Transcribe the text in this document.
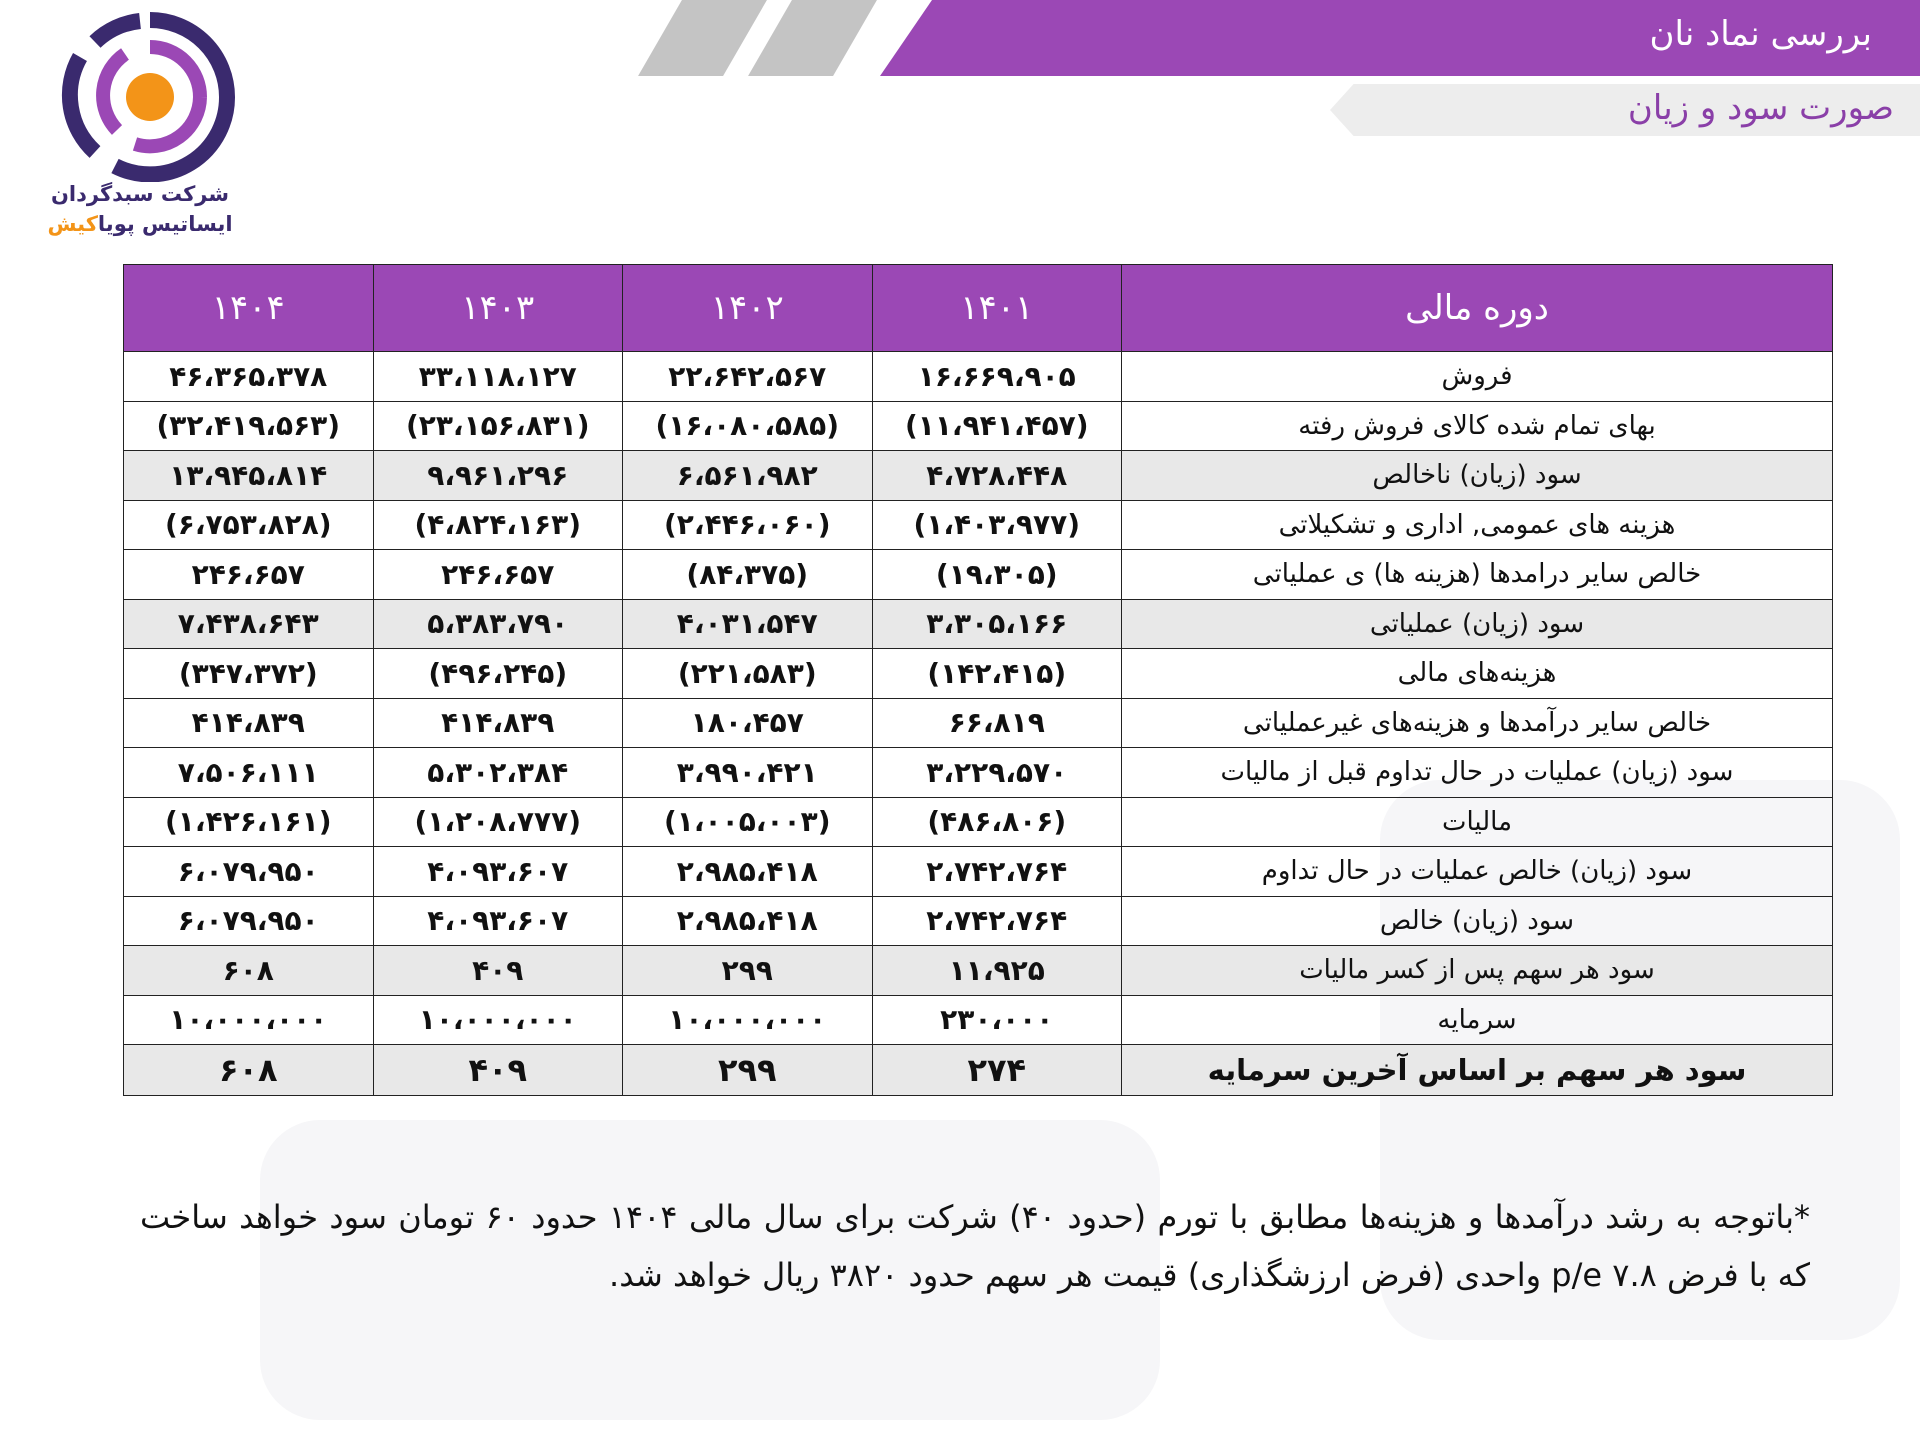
بررسی نماد نان
صورت سود و زیان
شرکت سبدگردان
ایساتیس پویاکیش
دوره مالی	۱۴۰۱	۱۴۰۲	۱۴۰۳	۱۴۰۴
فروش	۱۶،۶۶۹،۹۰۵	۲۲،۶۴۲،۵۶۷	۳۳،۱۱۸،۱۲۷	۴۶،۳۶۵،۳۷۸
بهای تمام شده کالای فروش رفته	(۱۱،۹۴۱،۴۵۷)	(۱۶،۰۸۰،۵۸۵)	(۲۳،۱۵۶،۸۳۱)	(۳۲،۴۱۹،۵۶۳)
سود (زیان) ناخالص	۴،۷۲۸،۴۴۸	۶،۵۶۱،۹۸۲	۹،۹۶۱،۲۹۶	۱۳،۹۴۵،۸۱۴
هزینه های عمومی, اداری و تشکیلاتی	(۱،۴۰۳،۹۷۷)	(۲،۴۴۶،۰۶۰)	(۴،۸۲۴،۱۶۳)	(۶،۷۵۳،۸۲۸)
خالص سایر درامدها (هزینه ها) ی عملیاتی	(۱۹،۳۰۵)	(۸۴،۳۷۵)	۲۴۶،۶۵۷	۲۴۶،۶۵۷
سود (زیان) عملیاتی	۳،۳۰۵،۱۶۶	۴،۰۳۱،۵۴۷	۵،۳۸۳،۷۹۰	۷،۴۳۸،۶۴۳
هزینه‌های مالی	(۱۴۲،۴۱۵)	(۲۲۱،۵۸۳)	(۴۹۶،۲۴۵)	(۳۴۷،۳۷۲)
خالص سایر درآمدها و هزینه‌های غیرعملیاتی	۶۶،۸۱۹	۱۸۰،۴۵۷	۴۱۴،۸۳۹	۴۱۴،۸۳۹
سود (زیان) عملیات در حال تداوم قبل از مالیات	۳،۲۲۹،۵۷۰	۳،۹۹۰،۴۲۱	۵،۳۰۲،۳۸۴	۷،۵۰۶،۱۱۱
مالیات	(۴۸۶،۸۰۶)	(۱،۰۰۵،۰۰۳)	(۱،۲۰۸،۷۷۷)	(۱،۴۲۶،۱۶۱)
سود (زیان) خالص عملیات در حال تداوم	۲،۷۴۲،۷۶۴	۲،۹۸۵،۴۱۸	۴،۰۹۳،۶۰۷	۶،۰۷۹،۹۵۰
سود (زیان) خالص	۲،۷۴۲،۷۶۴	۲،۹۸۵،۴۱۸	۴،۰۹۳،۶۰۷	۶،۰۷۹،۹۵۰
سود هر سهم پس از کسر مالیات	۱۱،۹۲۵	۲۹۹	۴۰۹	۶۰۸
سرمایه	۲۳۰،۰۰۰	۱۰،۰۰۰،۰۰۰	۱۰،۰۰۰،۰۰۰	۱۰،۰۰۰،۰۰۰
سود هر سهم بر اساس آخرین سرمایه	۲۷۴	۲۹۹	۴۰۹	۶۰۸
*باتوجه به رشد درآمدها و هزینه‌ها مطابق با تورم (حدود ۴۰) شرکت برای سال مالی ۱۴۰۴ حدود ۶۰ تومان سود خواهد ساخت که با فرض p/e ۷.۸ واحدی (فرض ارزشگذاری) قیمت هر سهم حدود ۳۸۲۰ ریال خواهد شد.
